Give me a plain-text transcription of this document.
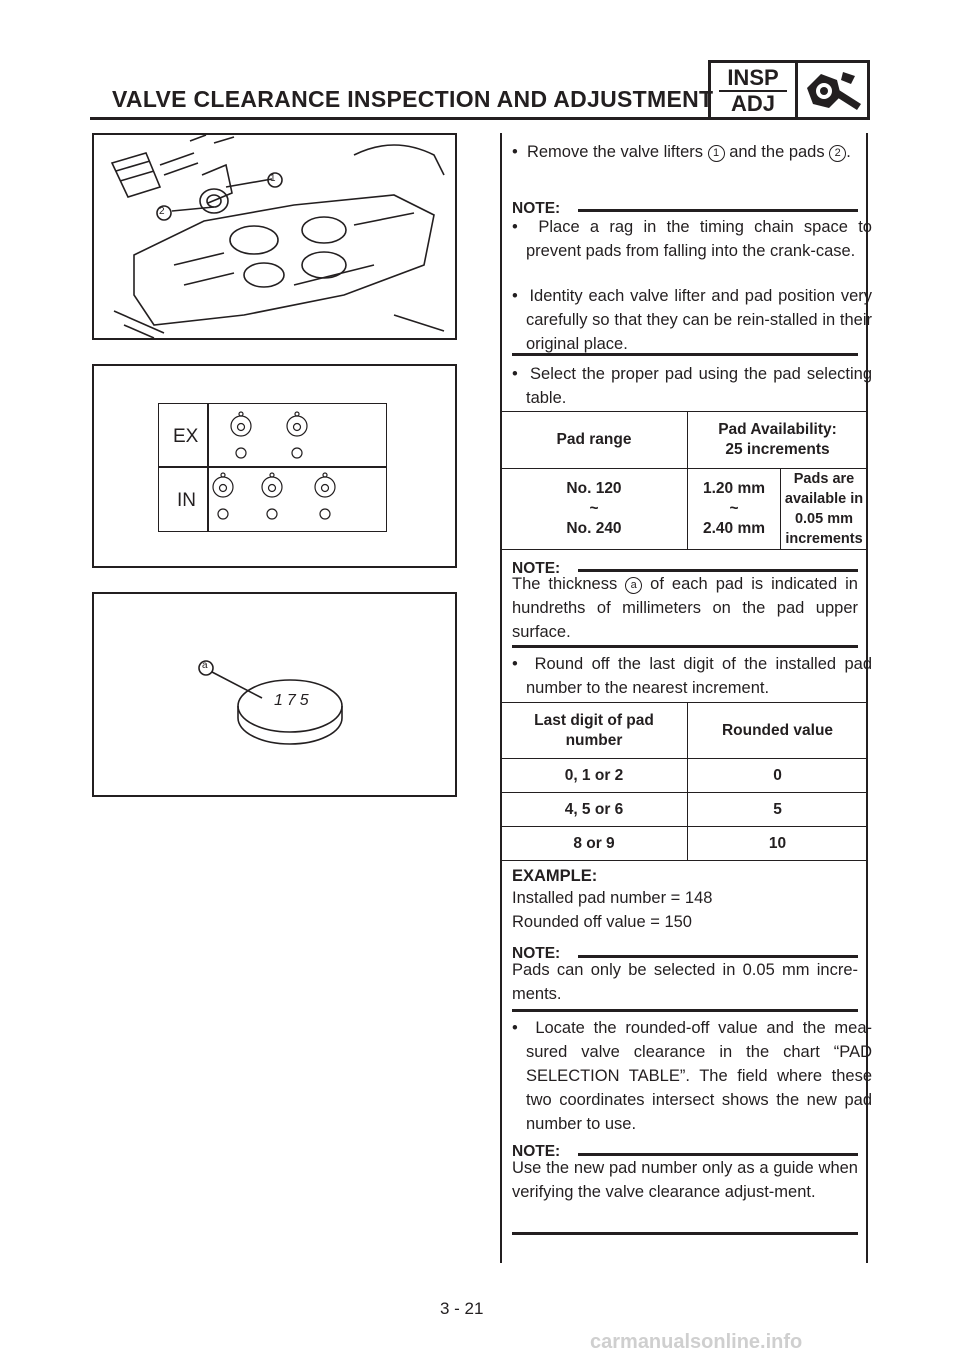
VALVE CLEARANCE INSPECTION AND ADJUSTMENT
INSP
ADJ
1
2
EX
IN
175
a
•  Remove the valve lifters 1 and the pads 2 .
NOTE:
•  Place a rag in the timing chain space to prevent pads from falling into the crank-case.
•  Identity each valve lifter and pad position very carefully so that they can be rein-stalled in their original place.
•  Select the proper pad using the pad selecting table.
Pad range	Pad Availability:
25 increments	
No. 120
~
No. 240	1.20 mm
~
2.40 mm	Pads are available in
0.05 mm increments
NOTE:
The thickness a of each pad is indicated in hundreths of millimeters on the pad upper surface.
•  Round off the last digit of the installed pad number to the nearest increment.
Last digit of pad
number	Rounded value
0, 1 or 2	0
4, 5 or 6	5
8 or 9	10
EXAMPLE:
Installed pad number = 148
Rounded off value = 150
NOTE:
Pads can only be selected in 0.05 mm incre-ments.
•  Locate the rounded-off value and the mea-sured valve clearance in the chart “PAD SELECTION TABLE”. The field where these two coordinates intersect shows the new pad number to use.
NOTE:
Use the new pad number only as a guide when verifying the valve clearance adjust-ment.
3 - 21
carmanualsonline.info
